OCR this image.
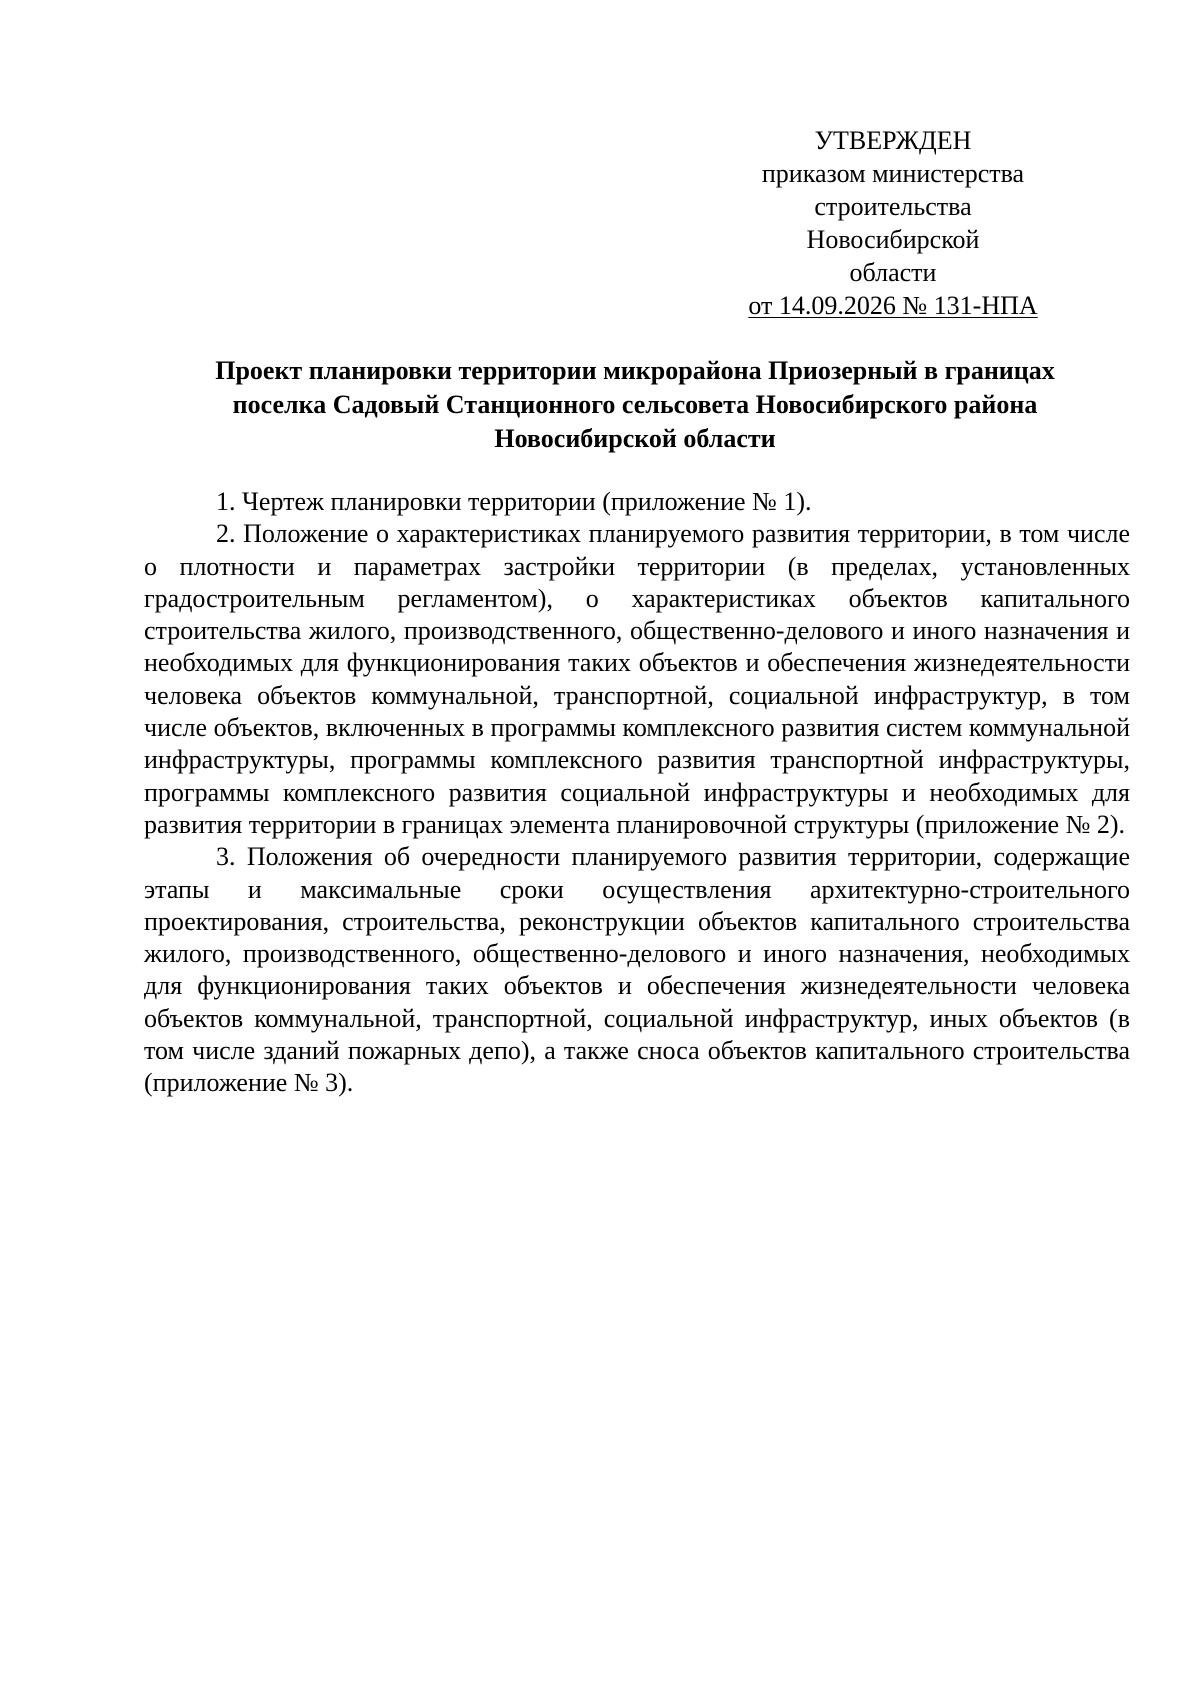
УТВЕРЖДЕН
приказом министерства
строительства Новосибирской
области
от 14.09.2026 № 131-НПА
Проект планировки территории микрорайона Приозерный в границах
поселка Садовый Станционного сельсовета Новосибирского района
Новосибирской области

1. Чертеж планировки территории (приложение № 1).

2. Положение о характеристиках планируемого развития территории, в том числе о плотности и параметрах застройки территории (в пределах, установленных градостроительным регламентом), о характеристиках объектов капитального строительства жилого, производственного, общественно-делового и иного назначения и необходимых для функционирования таких объектов и обеспечения жизнедеятельности человека объектов коммунальной, транспортной, социальной инфраструктур, в том числе объектов, включенных в программы комплексного развития систем коммунальной инфраструктуры, программы комплексного развития транспортной инфраструктуры, программы комплексного развития социальной инфраструктуры и необходимых для развития территории в границах элемента планировочной структуры (приложение № 2).

3. Положения об очередности планируемого развития территории, содержащие этапы и максимальные сроки осуществления архитектурно-строительного проектирования, строительства, реконструкции объектов капитального строительства жилого, производственного, общественно-делового и иного назначения, необходимых для функционирования таких объектов и обеспечения жизнедеятельности человека объектов коммунальной, транспортной, социальной инфраструктур, иных объектов (в том числе зданий пожарных депо), а также сноса объектов капитального строительства (приложение № 3).
